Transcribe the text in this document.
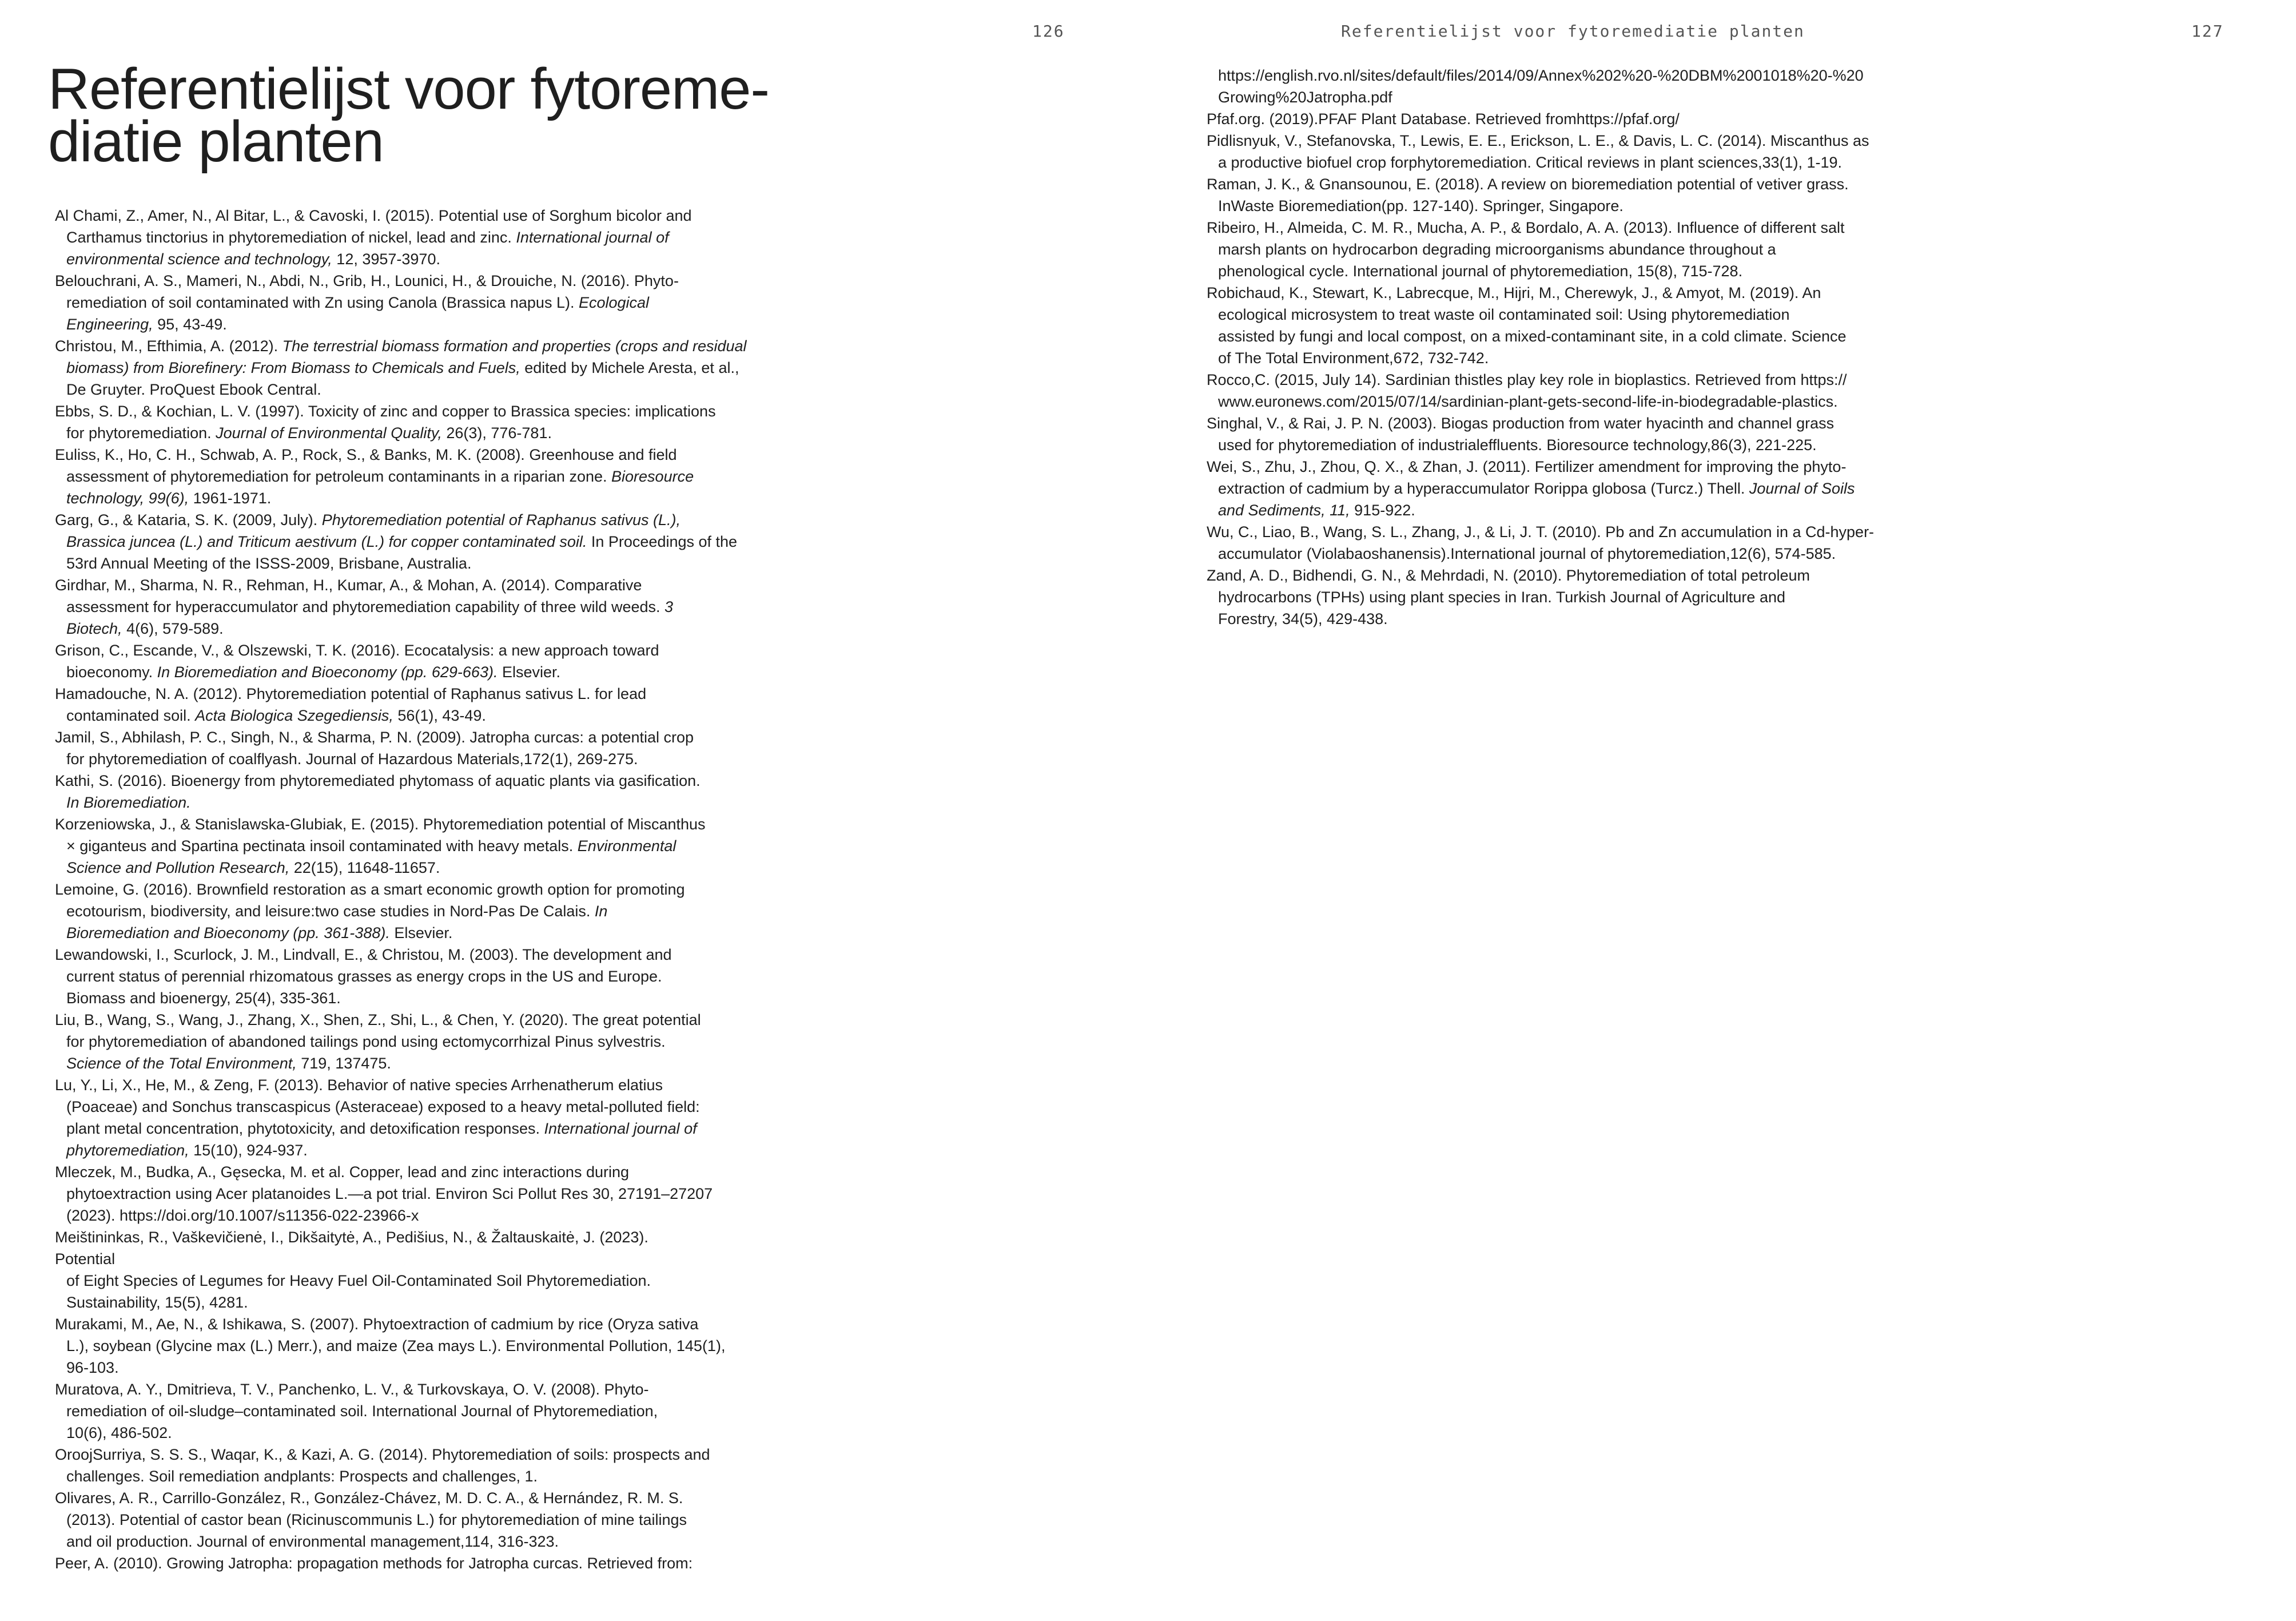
126	Referentielijst voor fytoremediatie planten	127
Referentielijst voor fytoreme-
diatie planten
Al Chami, Z., Amer, N., Al Bitar, L., & Cavoski, I. (2015). Potential use of Sorghum bicolor and
Carthamus tinctorius in phytoremediation of nickel, lead and zinc. International journal of
environmental science and technology, 12, 3957-3970.
Belouchrani, A. S., Mameri, N., Abdi, N., Grib, H., Lounici, H., & Drouiche, N. (2016). Phyto-
remediation of soil contaminated with Zn using Canola (Brassica napus L). Ecological
Engineering, 95, 43-49.
Christou, M., Efthimia, A. (2012). The terrestrial biomass formation and properties (crops and residual
biomass) from Biorefinery: From Biomass to Chemicals and Fuels, edited by Michele Aresta, et al.,
De Gruyter. ProQuest Ebook Central.
Ebbs, S. D., & Kochian, L. V. (1997). Toxicity of zinc and copper to Brassica species: implications
for phytoremediation. Journal of Environmental Quality, 26(3), 776-781.
Euliss, K., Ho, C. H., Schwab, A. P., Rock, S., & Banks, M. K. (2008). Greenhouse and field
assessment of phytoremediation for petroleum contaminants in a riparian zone. Bioresource
technology, 99(6), 1961-1971.
Garg, G., & Kataria, S. K. (2009, July). Phytoremediation potential of Raphanus sativus (L.),
Brassica juncea (L.) and Triticum aestivum (L.) for copper contaminated soil. In Proceedings of the
53rd Annual Meeting of the ISSS-2009, Brisbane, Australia.
Girdhar, M., Sharma, N. R., Rehman, H., Kumar, A., & Mohan, A. (2014). Comparative
assessment for hyperaccumulator and phytoremediation capability of three wild weeds. 3
Biotech, 4(6), 579-589.
Grison, C., Escande, V., & Olszewski, T. K. (2016). Ecocatalysis: a new approach toward
bioeconomy. In Bioremediation and Bioeconomy (pp. 629-663). Elsevier.
Hamadouche, N. A. (2012). Phytoremediation potential of Raphanus sativus L. for lead
contaminated soil. Acta Biologica Szegediensis, 56(1), 43-49.
Jamil, S., Abhilash, P. C., Singh, N., & Sharma, P. N. (2009). Jatropha curcas: a potential crop
for phytoremediation of coalflyash. Journal of Hazardous Materials,172(1), 269-275.
Kathi, S. (2016). Bioenergy from phytoremediated phytomass of aquatic plants via gasification.
In Bioremediation.
Korzeniowska, J., & Stanislawska-Glubiak, E. (2015). Phytoremediation potential of Miscanthus
× giganteus and Spartina pectinata insoil contaminated with heavy metals. Environmental
Science and Pollution Research, 22(15), 11648-11657.
Lemoine, G. (2016). Brownfield restoration as a smart economic growth option for promoting
ecotourism, biodiversity, and leisure:two case studies in Nord-Pas De Calais. In
Bioremediation and Bioeconomy (pp. 361-388). Elsevier.
Lewandowski, I., Scurlock, J. M., Lindvall, E., & Christou, M. (2003). The development and
current status of perennial rhizomatous grasses as energy crops in the US and Europe.
Biomass and bioenergy, 25(4), 335-361.
Liu, B., Wang, S., Wang, J., Zhang, X., Shen, Z., Shi, L., & Chen, Y. (2020). The great potential
for phytoremediation of abandoned tailings pond using ectomycorrhizal Pinus sylvestris.
Science of the Total Environment, 719, 137475.
Lu, Y., Li, X., He, M., & Zeng, F. (2013). Behavior of native species Arrhenatherum elatius
(Poaceae) and Sonchus transcaspicus (Asteraceae) exposed to a heavy metal-polluted field:
plant metal concentration, phytotoxicity, and detoxification responses. International journal of
phytoremediation, 15(10), 924-937.
Mleczek, M., Budka, A., Gęsecka, M. et al. Copper, lead and zinc interactions during
phytoextraction using Acer platanoides L.—a pot trial. Environ Sci Pollut Res 30, 27191–27207
(2023). https://doi.org/10.1007/s11356-022-23966-x
Meištininkas, R., Vaškevičienė, I., Dikšaitytė, A., Pedišius, N., & Žaltauskaitė, J. (2023).
Potential
of Eight Species of Legumes for Heavy Fuel Oil-Contaminated Soil Phytoremediation.
Sustainability, 15(5), 4281.
Murakami, M., Ae, N., & Ishikawa, S. (2007). Phytoextraction of cadmium by rice (Oryza sativa
L.), soybean (Glycine max (L.) Merr.), and maize (Zea mays L.). Environmental Pollution, 145(1),
96-103.
Muratova, A. Y., Dmitrieva, T. V., Panchenko, L. V., & Turkovskaya, O. V. (2008). Phyto-
remediation of oil-sludge–contaminated soil. International Journal of Phytoremediation,
10(6), 486-502.
OroojSurriya, S. S. S., Waqar, K., & Kazi, A. G. (2014). Phytoremediation of soils: prospects and
challenges. Soil remediation andplants: Prospects and challenges, 1.
Olivares, A. R., Carrillo-González, R., González-Chávez, M. D. C. A., & Hernández, R. M. S.
(2013). Potential of castor bean (Ricinuscommunis L.) for phytoremediation of mine tailings
and oil production. Journal of environmental management,114, 316-323.
Peer, A. (2010). Growing Jatropha: propagation methods for Jatropha curcas. Retrieved from:
https://english.rvo.nl/sites/default/files/2014/09/Annex%202%20-%20DBM%2001018%20-%20
Growing%20Jatropha.pdf
Pfaf.org. (2019).PFAF Plant Database. Retrieved fromhttps://pfaf.org/
Pidlisnyuk, V., Stefanovska, T., Lewis, E. E., Erickson, L. E., & Davis, L. C. (2014). Miscanthus as
a productive biofuel crop forphytoremediation. Critical reviews in plant sciences,33(1), 1-19.
Raman, J. K., & Gnansounou, E. (2018). A review on bioremediation potential of vetiver grass.
InWaste Bioremediation(pp. 127-140). Springer, Singapore.
Ribeiro, H., Almeida, C. M. R., Mucha, A. P., & Bordalo, A. A. (2013). Influence of different salt
marsh plants on hydrocarbon degrading microorganisms abundance throughout a
phenological cycle. International journal of phytoremediation, 15(8), 715-728.
Robichaud, K., Stewart, K., Labrecque, M., Hijri, M., Cherewyk, J., & Amyot, M. (2019). An
ecological microsystem to treat waste oil contaminated soil: Using phytoremediation
assisted by fungi and local compost, on a mixed-contaminant site, in a cold climate. Science
of The Total Environment,672, 732-742.
Rocco,C. (2015, July 14). Sardinian thistles play key role in bioplastics. Retrieved from https://
www.euronews.com/2015/07/14/sardinian-plant-gets-second-life-in-biodegradable-plastics.
Singhal, V., & Rai, J. P. N. (2003). Biogas production from water hyacinth and channel grass
used for phytoremediation of industrialeffluents. Bioresource technology,86(3), 221-225.
Wei, S., Zhu, J., Zhou, Q. X., & Zhan, J. (2011). Fertilizer amendment for improving the phyto-
extraction of cadmium by a hyperaccumulator Rorippa globosa (Turcz.) Thell. Journal of Soils
and Sediments, 11, 915-922.
Wu, C., Liao, B., Wang, S. L., Zhang, J., & Li, J. T. (2010). Pb and Zn accumulation in a Cd-hyper-
accumulator (Violabaoshanensis).International journal of phytoremediation,12(6), 574-585.
Zand, A. D., Bidhendi, G. N., & Mehrdadi, N. (2010). Phytoremediation of total petroleum
hydrocarbons (TPHs) using plant species in Iran. Turkish Journal of Agriculture and
Forestry, 34(5), 429-438.
